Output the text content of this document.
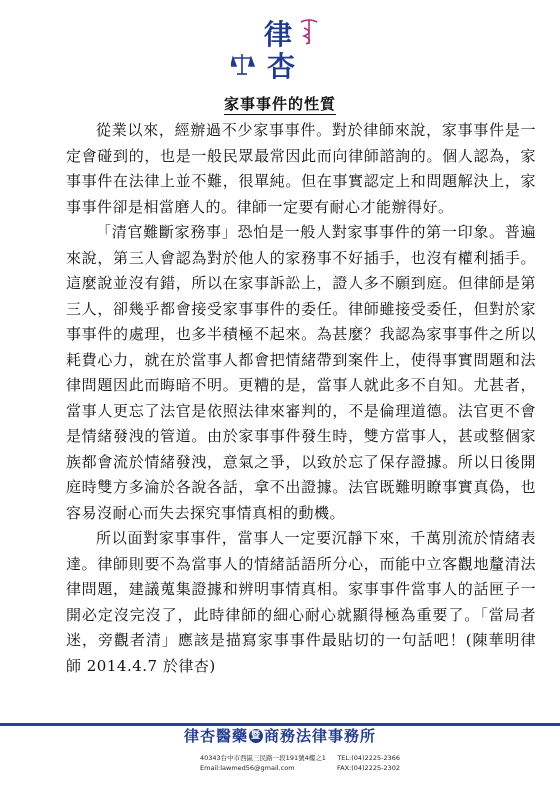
律
杏
家事事件的性質

從業以來，經辦過不少家事事件。對於律師來說，家事事件是一定會碰到的，也是一般民眾最常因此而向律師諮詢的。個人認為，家事事件在法律上並不難，很單純。但在事實認定上和問題解決上，家事事件卻是相當磨人的。律師一定要有耐心才能辦得好。

「清官難斷家務事」恐怕是一般人對家事事件的第一印象。普遍來說，第三人會認為對於他人的家務事不好插手，也沒有權利插手。這麼說並沒有錯，所以在家事訴訟上，證人多不願到庭。但律師是第三人，卻幾乎都會接受家事事件的委任。律師雖接受委任，但對於家事事件的處理，也多半積極不起來。為甚麼？我認為家事事件之所以耗費心力，就在於當事人都會把情緒帶到案件上，使得事實問題和法律問題因此而晦暗不明。更糟的是，當事人就此多不自知。尤甚者，當事人更忘了法官是依照法律來審判的，不是倫理道德。法官更不會是情緒發洩的管道。由於家事事件發生時，雙方當事人，甚或整個家族都會流於情緒發洩，意氣之爭，以致於忘了保存證據。所以日後開庭時雙方多淪於各說各話，拿不出證據。法官既難明瞭事實真偽，也容易沒耐心而失去探究事情真相的動機。

所以面對家事事件，當事人一定要沉靜下來，千萬別流於情緒表達。律師則要不為當事人的情緒話語所分心，而能中立客觀地釐清法律問題，建議蒐集證據和辨明事情真相。家事事件當事人的話匣子一開必定沒完沒了，此時律師的細心耐心就顯得極為重要了。「當局者迷，旁觀者清」應該是描寫家事事件最貼切的一句話吧！(陳華明律師 2014.4.7 於律杏)

律杏醫藥 暨 商務法律事務所
40343台中市西區三民路一段191號4樓之1 TEL:(04)2225-2366
Email:lawmed56@gmail.com	FAX:(04)2225-2302
